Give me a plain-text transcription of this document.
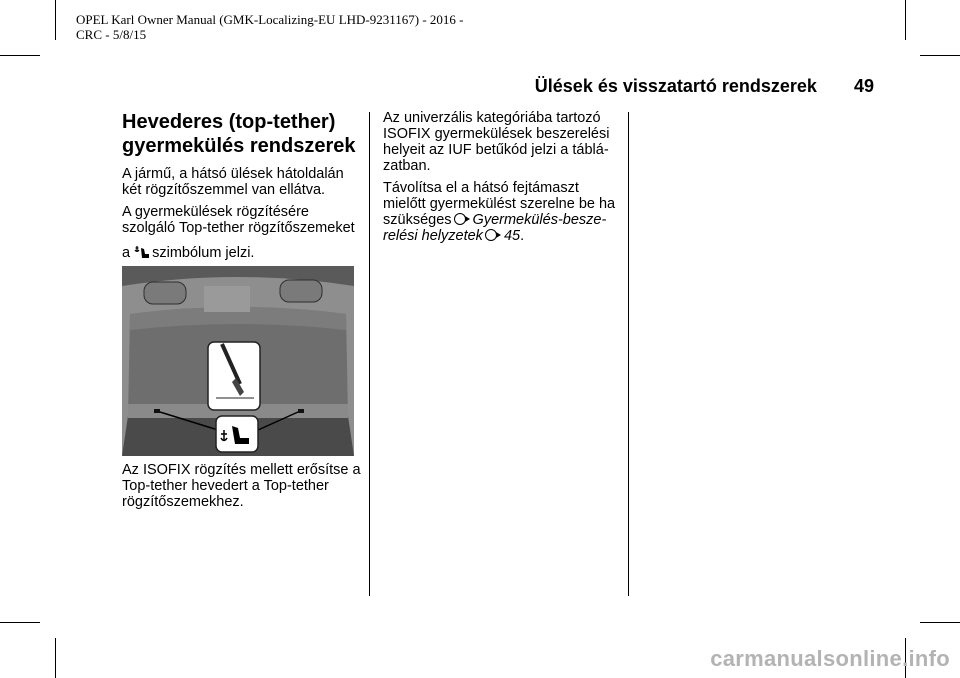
OPEL Karl Owner Manual (GMK-Localizing-EU LHD-9231167) - 2016 -
CRC - 5/8/15

Ülések és visszatartó rendszerek 49
Hevederes (top-tether) gyermekülés rendszerek

A jármű, a hátsó ülések hátoldalán két rögzítőszemmel van ellátva.

A gyermekülések rögzítésére szolgáló Top-tether rögzítőszemeket
a szimbólum jelzi.

Az ISOFIX rögzítés mellett erősítse a Top-tether hevedert a Top-tether rögzítőszemekhez.

Az univerzális kategóriába tartozó ISOFIX gyermekülések beszerelési helyeit az IUF betűkód jelzi a táblázatban.

Távolítsa el a hátsó fejtámaszt mielőtt gyermekülést szerelne be ha szükséges Gyermekülés-beszerelési helyzetek 45.

carmanualsonline.info
